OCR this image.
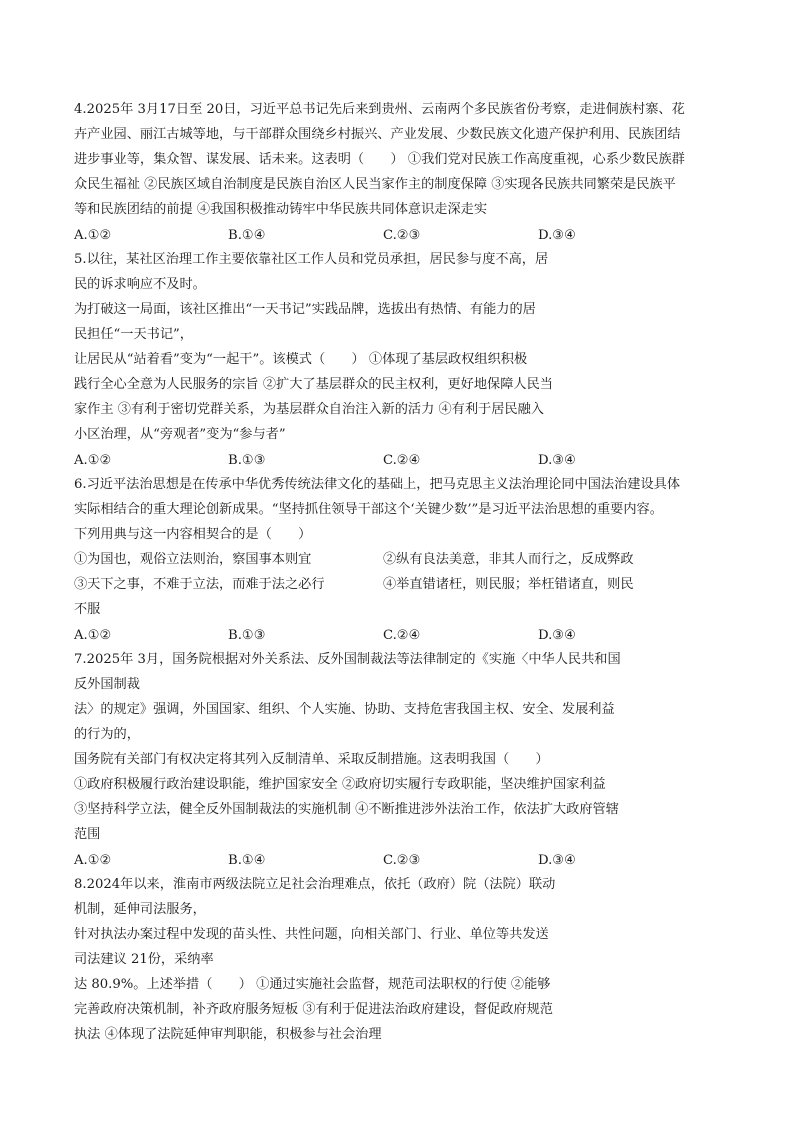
4.2025年 3月17日至 20日，习近平总书记先后来到贵州、云南两个多民族省份考察，走进侗族村寨、花
卉产业园、丽江古城等地，与干部群众围绕乡村振兴、产业发展、少数民族文化遗产保护利用、民族团结
进步事业等，集众智、谋发展、话未来。这表明（　　） ①我们党对民族工作高度重视，心系少数民族群
众民生福祉 ②民族区域自治制度是民族自治区人民当家作主的制度保障 ③实现各民族共同繁荣是民族平
等和民族团结的前提 ④我国积极推动铸牢中华民族共同体意识走深走实
A.①②	B.①④	C.②③	D.③④
5.以往，某社区治理工作主要依靠社区工作人员和党员承担，居民参与度不高，居
民的诉求响应不及时。
为打破这一局面，该社区推出“一天书记”实践品牌，选拔出有热情、有能力的居
民担任“一天书记”，
让居民从“站着看”变为“一起干”。该模式（　　） ①体现了基层政权组织积极
践行全心全意为人民服务的宗旨 ②扩大了基层群众的民主权利，更好地保障人民当
家作主 ③有利于密切党群关系，为基层群众自治注入新的活力 ④有利于居民融入
小区治理，从“旁观者”变为“参与者”
A.①②	B.①③	C.②④	D.③④
6.习近平法治思想是在传承中华优秀传统法律文化的基础上，把马克思主义法治理论同中国法治建设具体
实际相结合的重大理论创新成果。“坚持抓住领导干部这个‘关键少数’”是习近平法治思想的重要内容。
下列用典与这一内容相契合的是（　　）
①为国也，观俗立法则治，察国事本则宜	②纵有良法美意，非其人而行之，反成弊政
③天下之事，不难于立法，而难于法之必行	④举直错诸枉，则民服；举枉错诸直，则民
不服
A.①②	B.①③	C.②④	D.③④
7.2025年 3月，国务院根据对外关系法、反外国制裁法等法律制定的《实施〈中华人民共和国
反外国制裁
法〉的规定》强调，外国国家、组织、个人实施、协助、支持危害我国主权、安全、发展利益
的行为的，
国务院有关部门有权决定将其列入反制清单、采取反制措施。这表明我国（　　）
①政府积极履行政治建设职能，维护国家安全 ②政府切实履行专政职能，坚决维护国家利益
③坚持科学立法，健全反外国制裁法的实施机制 ④不断推进涉外法治工作，依法扩大政府管辖
范围
A.①②	B.①④	C.②③	D.③④
8.2024年以来，淮南市两级法院立足社会治理难点，依托（政府）院（法院）联动
机制，延伸司法服务，
针对执法办案过程中发现的苗头性、共性问题，向相关部门、行业、单位等共发送
司法建议 21份，采纳率
达 80.9%。上述举措（　　） ①通过实施社会监督，规范司法职权的行使 ②能够
完善政府决策机制，补齐政府服务短板 ③有利于促进法治政府建设，督促政府规范
执法 ④体现了法院延伸审判职能，积极参与社会治理
